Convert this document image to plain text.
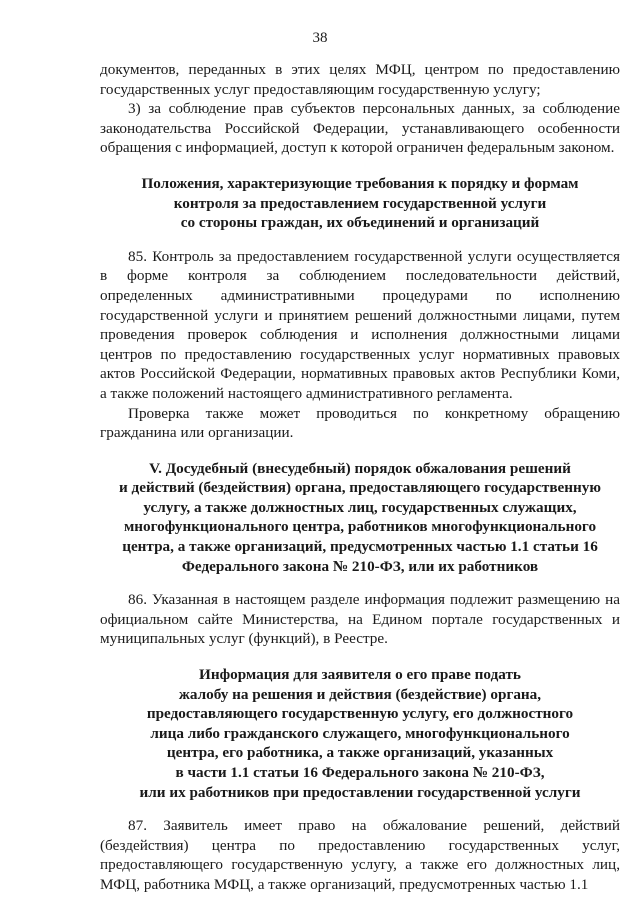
38

документов, переданных в этих целях МФЦ, центром по предоставлению государственных услуг предоставляющим государственную услугу;

3) за соблюдение прав субъектов персональных данных, за соблюдение законодательства Российской Федерации, устанавливающего особенности обращения с информацией, доступ к которой ограничен федеральным законом.

Положения, характеризующие требования к порядку и формам
контроля за предоставлением государственной услуги
со стороны граждан, их объединений и организаций

85. Контроль за предоставлением государственной услуги осуществляется в форме контроля за соблюдением последовательности действий, определенных административными процедурами по исполнению государственной услуги и принятием решений должностными лицами, путем проведения проверок соблюдения и исполнения должностными лицами центров по предоставлению государственных услуг нормативных правовых актов Российской Федерации, нормативных правовых актов Республики Коми, а также положений настоящего административного регламента.

Проверка также может проводиться по конкретному обращению гражданина или организации.

V. Досудебный (внесудебный) порядок обжалования решений
и действий (бездействия) органа, предоставляющего государственную
услугу, а также должностных лиц, государственных служащих,
многофункционального центра, работников многофункционального
центра, а также организаций, предусмотренных частью 1.1 статьи 16
Федерального закона № 210-ФЗ, или их работников

86. Указанная в настоящем разделе информация подлежит размещению на официальном сайте Министерства, на Едином портале государственных и муниципальных услуг (функций), в Реестре.

Информация для заявителя о его праве подать
жалобу на решения и действия (бездействие) органа,
предоставляющего государственную услугу, его должностного
лица либо гражданского служащего, многофункционального
центра, его работника, а также организаций, указанных
в части 1.1 статьи 16 Федерального закона № 210-ФЗ,
или их работников при предоставлении государственной услуги

87. Заявитель имеет право на обжалование решений, действий (бездействия) центра по предоставлению государственных услуг, предоставляющего государственную услугу, а также его должностных лиц, МФЦ, работника МФЦ, а также организаций, предусмотренных частью 1.1
